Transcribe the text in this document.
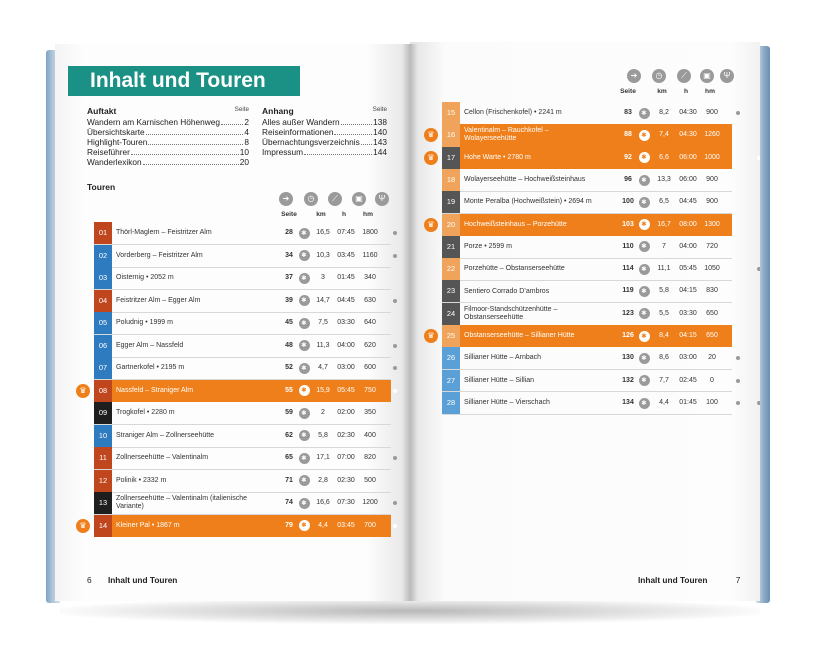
Inhalt und Touren
Auftakt	Seite
Wandern am Karnischen Höhenweg	2
Übersichtskarte	4
Highlight-Touren	8
Reiseführer	10
Wanderlexikon	20
Anhang	Seite
Alles außer Wandern	138
Reiseinformationen	140
Übernachtungsverzeichnis 143
Impressum	144
Touren
01	Thörl-Maglern – Feistritzer Alm	28	16,5	07:45	1800
✱
02	Vorderberg – Feistritzer Alm	34	10,3	03:45	1160
✱
03	Oisternig • 2052 m	37	3	01:45	340
✱
04	Feistritzer Alm – Egger Alm	39	14,7	04:45	630
✱
05	Poludnig • 1999 m	45	7,5	03:30	640
✱
06	Egger Alm – Nassfeld	48	11,3	04:00	620
✱
07	Gartnerkofel • 2195 m	52	4,7	03:00	600
✱
08	Nassfeld – Straniger Alm	55	15,9	05:45	750
✱
09	Trogkofel • 2280 m	59	2	02:00	350
✱
10	Straniger Alm – Zollnerseehütte	62	5,8	02:30	400
✱
11	Zollnerseehütte – Valentinalm	65	17,1	07:00	820
✱
12	Polinik • 2332 m	71	2,8	02:30	500
✱
13	Zollnerseehütte – Valentinalm (italienische Variante)
74	16,6	07:30	1200
✱
14	Kleiner Pal • 1867 m	79	4,4	03:45	700
✱
6 Inhalt und Touren
➔	◷	⟋	▣	Ψ
Seite	km	h	hm
♛
♛
15	Cellon (Frischenkofel) • 2241 m	83	8,2	04:30	900
✱
16	Valentinalm – Rauchkofel – Wolayerseehütte
88	7,4	04:30	1260
✱
17	Hohe Warte • 2780 m	92	6,6	06:00	1000
✱
18	Wolayerseehütte – Hochweißsteinhaus	96	13,3	06:00	900
✱
19	Monte Peralba (Hochweißstein) • 2694 m	100	6,5	04:45	900
✱
20	Hochweißsteinhaus – Porzehütte	103	16,7	08:00	1300
✱
21	Porze • 2599 m	110	7	04:00	720
✱
22	Porzehütte – Obstanserseehütte	114	11,1	05:45	1050
✱
23	Sentiero Corrado D’ambros	119	5,8	04:15	830
✱
24	Filmoor-Standschützenhütte – Obstanserseehütte
123	5,5	03:30	650
✱
25	Obstanserseehütte – Sillianer Hütte	126	8,4	04:15	650
✱
26	Sillianer Hütte – Arnbach	130	8,6	03:00	20
✱
27	Sillianer Hütte – Sillian	132	7,7	02:45	0
✱
28	Sillianer Hütte – Vierschach	134	4,4	01:45	100
✱
Inhalt und Touren	7
➔	◷	⟋	▣	Ψ
Seite	km	h	hm
♛
♛
♛
♛
